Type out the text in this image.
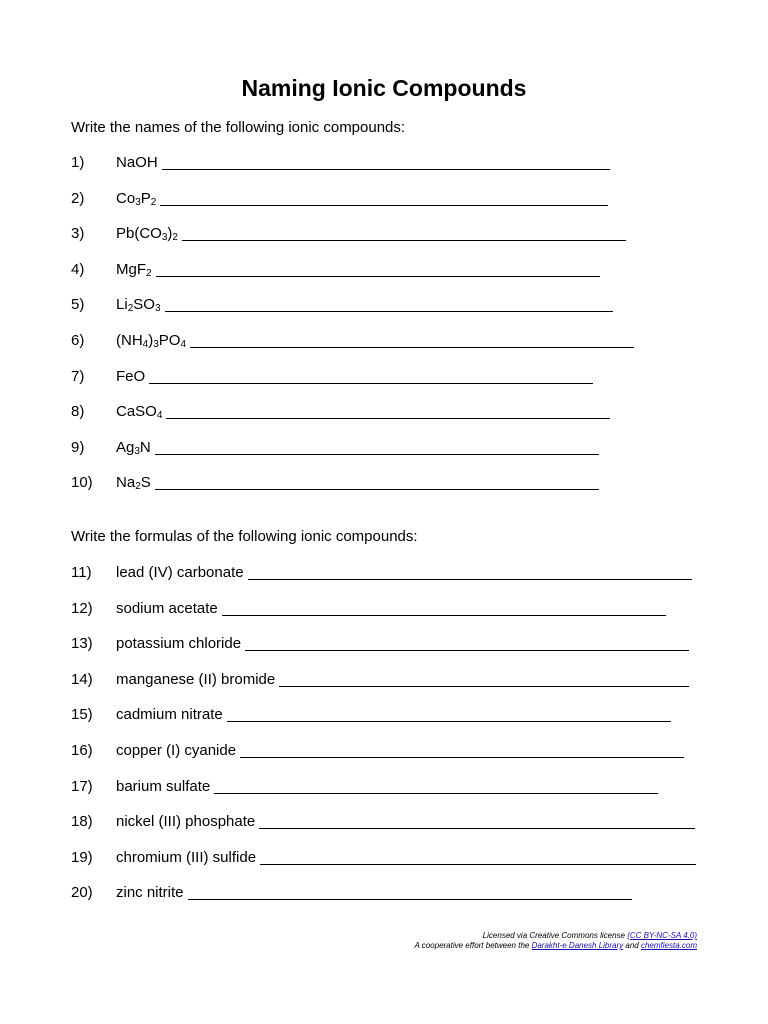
Naming Ionic Compounds
Write the names of the following ionic compounds:
1) NaOH
2) $Co_3P_2$
3) $Pb(CO_3)_2$
4) MgF$_2$
5) $Li_2SO_3$
6) $(NH_4)_3PO_4$
7) FeO
8) CaSO$_4$
9) $Ag_3N$
10) $Na_2S$
Write the formulas of the following ionic compounds:
11) lead (IV) carbonate
12) sodium acetate
13) potassium chloride
14) manganese (II) bromide
15) cadmium nitrate
16) copper (I) cyanide
17) barium sulfate
18) nickel (III) phosphate
19) chromium (III) sulfide
20) zinc nitrite
Licensed via Creative Commons license (CC BY-NC-SA 4.0)
A cooperative effort between the Darakht-e Danesh Library and chemfiesta.com
